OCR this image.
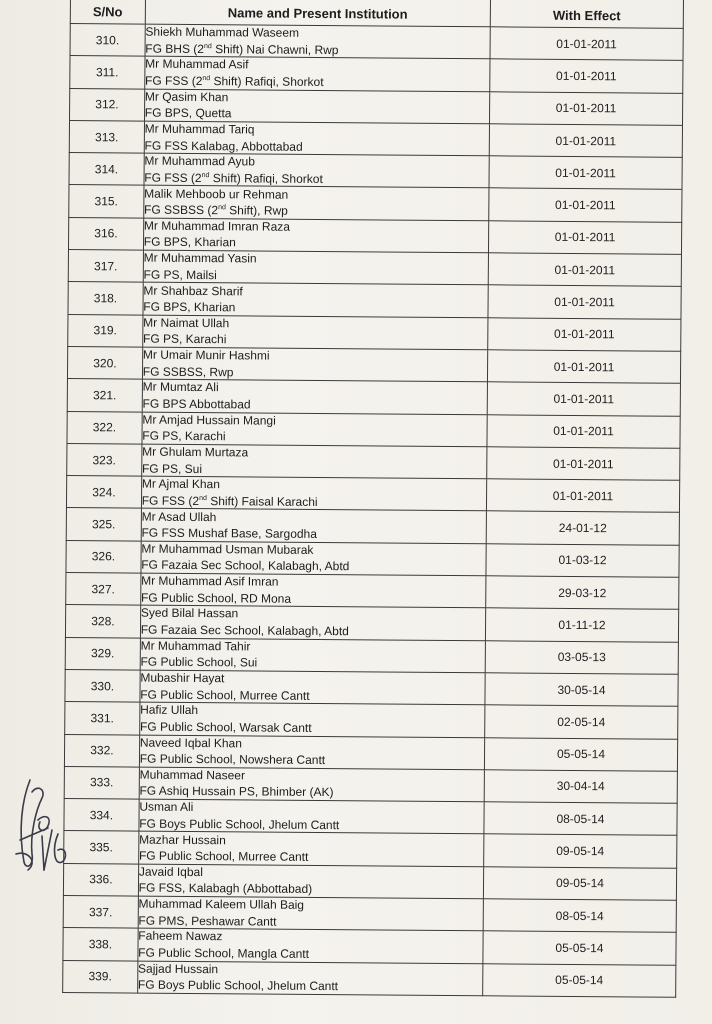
S/No	Name and Present Institution	With Effect
310.	Shiekh Muhammad Waseem
FG BHS (2nd Shift) Nai Chawni, Rwp	01-01-2011
311.	Mr Muhammad Asif
FG FSS (2nd Shift) Rafiqi, Shorkot	01-01-2011
312.	Mr Qasim Khan
FG BPS, Quetta	01-01-2011
313.	Mr Muhammad Tariq
FG FSS Kalabag, Abbottabad	01-01-2011
314.	Mr Muhammad Ayub
FG FSS (2nd Shift) Rafiqi, Shorkot	01-01-2011
315.	Malik Mehboob ur Rehman
FG SSBSS (2nd Shift), Rwp	01-01-2011
316.	Mr Muhammad Imran Raza
FG BPS, Kharian	01-01-2011
317.	Mr Muhammad Yasin
FG PS, Mailsi	01-01-2011
318.	Mr Shahbaz Sharif
FG BPS, Kharian	01-01-2011
319.	Mr Naimat Ullah
FG PS, Karachi	01-01-2011
320.	Mr Umair Munir Hashmi
FG SSBSS, Rwp	01-01-2011
321.	Mr Mumtaz Ali
FG BPS Abbottabad	01-01-2011
322.	Mr Amjad Hussain Mangi
FG PS, Karachi	01-01-2011
323.	Mr Ghulam Murtaza
FG PS, Sui	01-01-2011
324.	Mr Ajmal Khan
FG FSS (2nd Shift) Faisal Karachi	01-01-2011
325.	Mr Asad Ullah
FG FSS Mushaf Base, Sargodha	24-01-12
326.	Mr Muhammad Usman Mubarak
FG Fazaia Sec School, Kalabagh, Abtd	01-03-12
327.	Mr Muhammad Asif Imran
FG Public School, RD Mona	29-03-12
328.	Syed Bilal Hassan
FG Fazaia Sec School, Kalabagh, Abtd	01-11-12
329.	Mr Muhammad Tahir
FG Public School, Sui	03-05-13
330.	Mubashir Hayat
FG Public School, Murree Cantt	30-05-14
331.	Hafiz Ullah
FG Public School, Warsak Cantt	02-05-14
332.	Naveed Iqbal Khan
FG Public School, Nowshera Cantt	05-05-14
333.	Muhammad Naseer
FG Ashiq Hussain PS, Bhimber (AK)	30-04-14
334.	Usman Ali
FG Boys Public School, Jhelum Cantt	08-05-14
335.	Mazhar Hussain
FG Public School, Murree Cantt	09-05-14
336.	Javaid Iqbal
FG FSS, Kalabagh (Abbottabad)	09-05-14
337.	Muhammad Kaleem Ullah Baig
FG PMS, Peshawar Cantt	08-05-14
338.	Faheem Nawaz
FG Public School, Mangla Cantt	05-05-14
339.	Sajjad Hussain
FG Boys Public School, Jhelum Cantt	05-05-14
